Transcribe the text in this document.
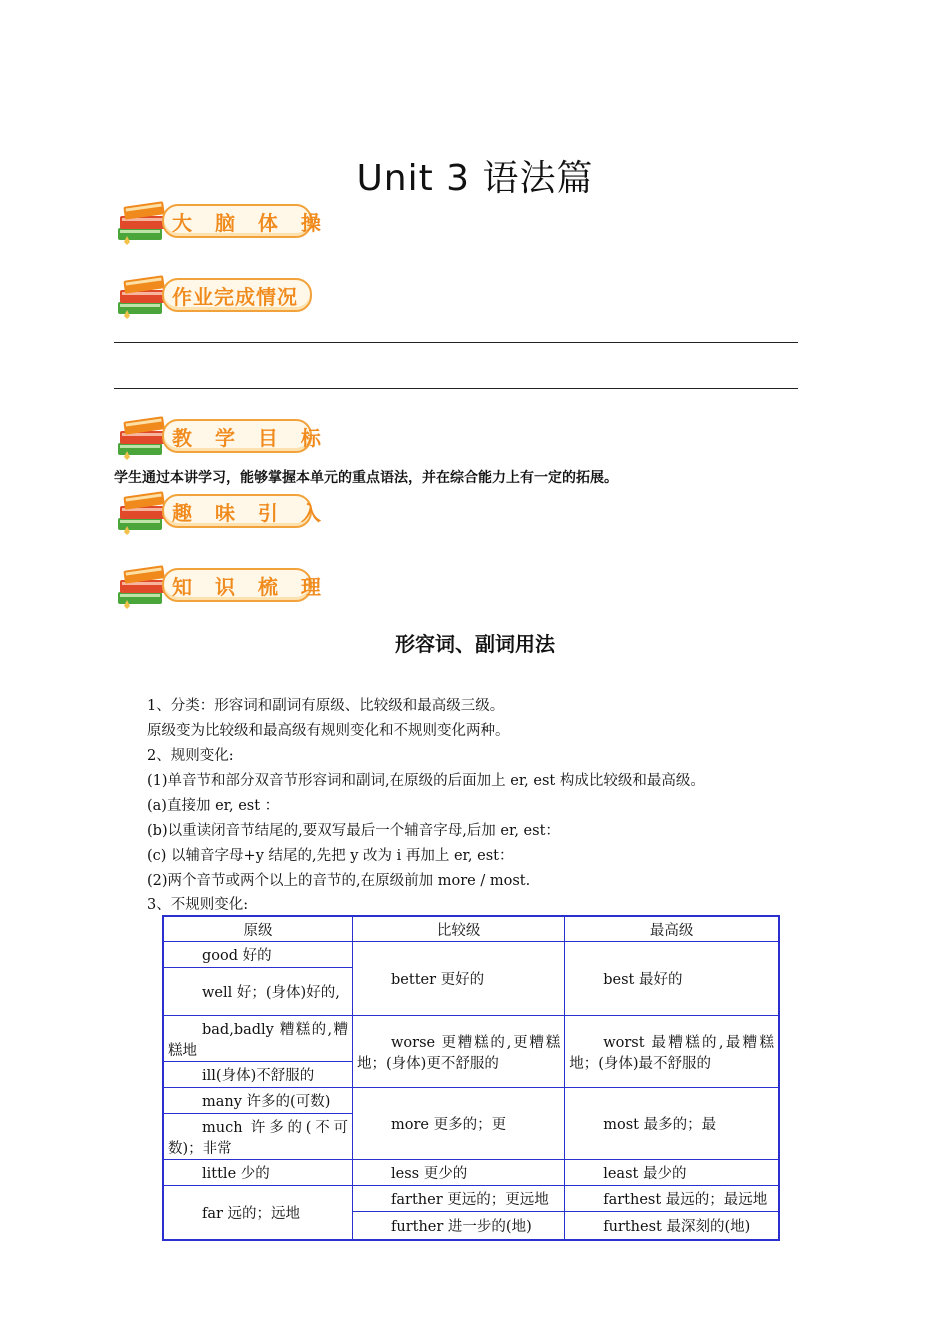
Unit 3 语法篇
大 脑 体 操
作业完成情况
教 学 目 标
学生通过本讲学习，能够掌握本单元的重点语法，并在综合能力上有一定的拓展。
趣 味 引 入
知 识 梳 理
形容词、副词用法
1、分类：形容词和副词有原级、比较级和最高级三级。
原级变为比较级和最高级有规则变化和不规则变化两种。
2、规则变化:
(1)单音节和部分双音节形容词和副词,在原级的后面加上 er, est 构成比较级和最高级。
(a)直接加 er, est ：
(b)以重读闭音节结尾的,要双写最后一个辅音字母,后加 er, est：
(c) 以辅音字母+y 结尾的,先把 y 改为 i 再加上 er, est：
(2)两个音节或两个以上的音节的,在原级前加 more / most.
3、不规则变化:
原级	比较级	最高级
good 好的	better 更好的	best 最好的
well 好；(身体)好的,		
bad,badly 糟糕的,糟糕地	worse 更糟糕的,更糟糕地；(身体)更不舒服的	worst 最糟糕的,最糟糕地；(身体)最不舒服的
ill(身体)不舒服的		
many 许多的(可数)	more 更多的；更	most 最多的；最
much 许多的(不可数)；非常		
little 少的	less 更少的	least 最少的
far 远的；远地	farther 更远的；更远地	farthest 最远的；最远地
	further 进一步的(地)	furthest 最深刻的(地)
